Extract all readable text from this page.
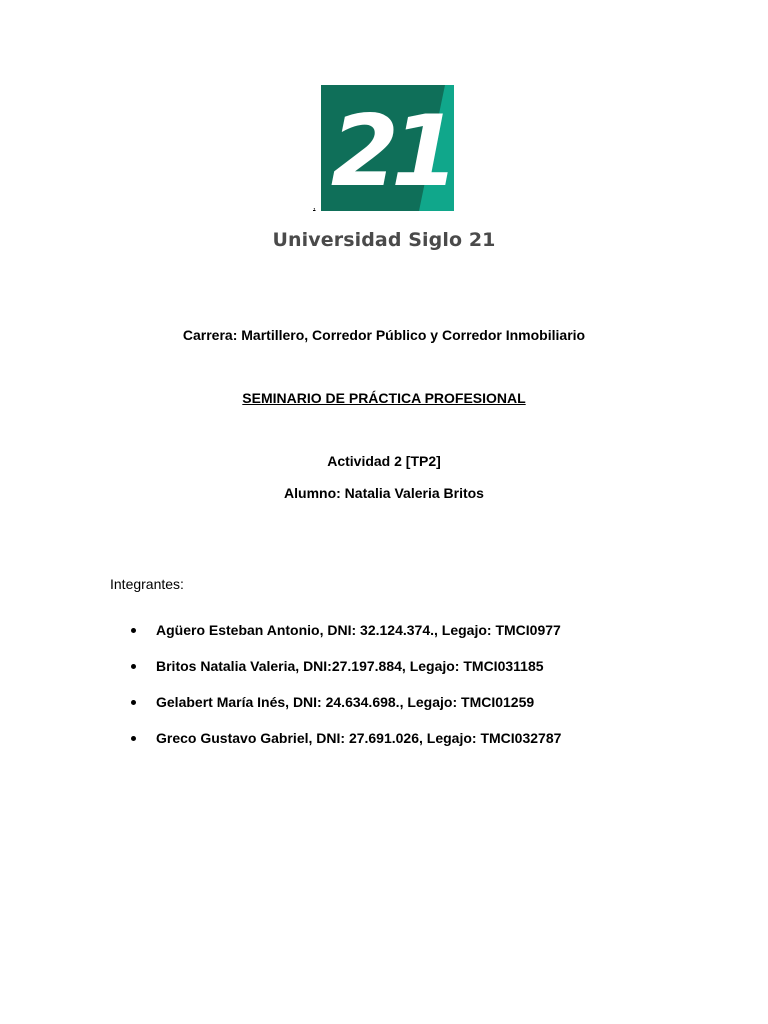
21
,
Universidad Siglo 21
Carrera: Martillero, Corredor Público y Corredor Inmobiliario
SEMINARIO DE PRÁCTICA PROFESIONAL
Actividad 2 [TP2]
Alumno: Natalia Valeria Britos
Integrantes:
Agüero Esteban Antonio, DNI: 32.124.374., Legajo: TMCI0977
Britos Natalia Valeria, DNI:27.197.884, Legajo: TMCI031185
Gelabert María Inés, DNI: 24.634.698., Legajo: TMCI01259
Greco Gustavo Gabriel, DNI: 27.691.026, Legajo: TMCI032787
